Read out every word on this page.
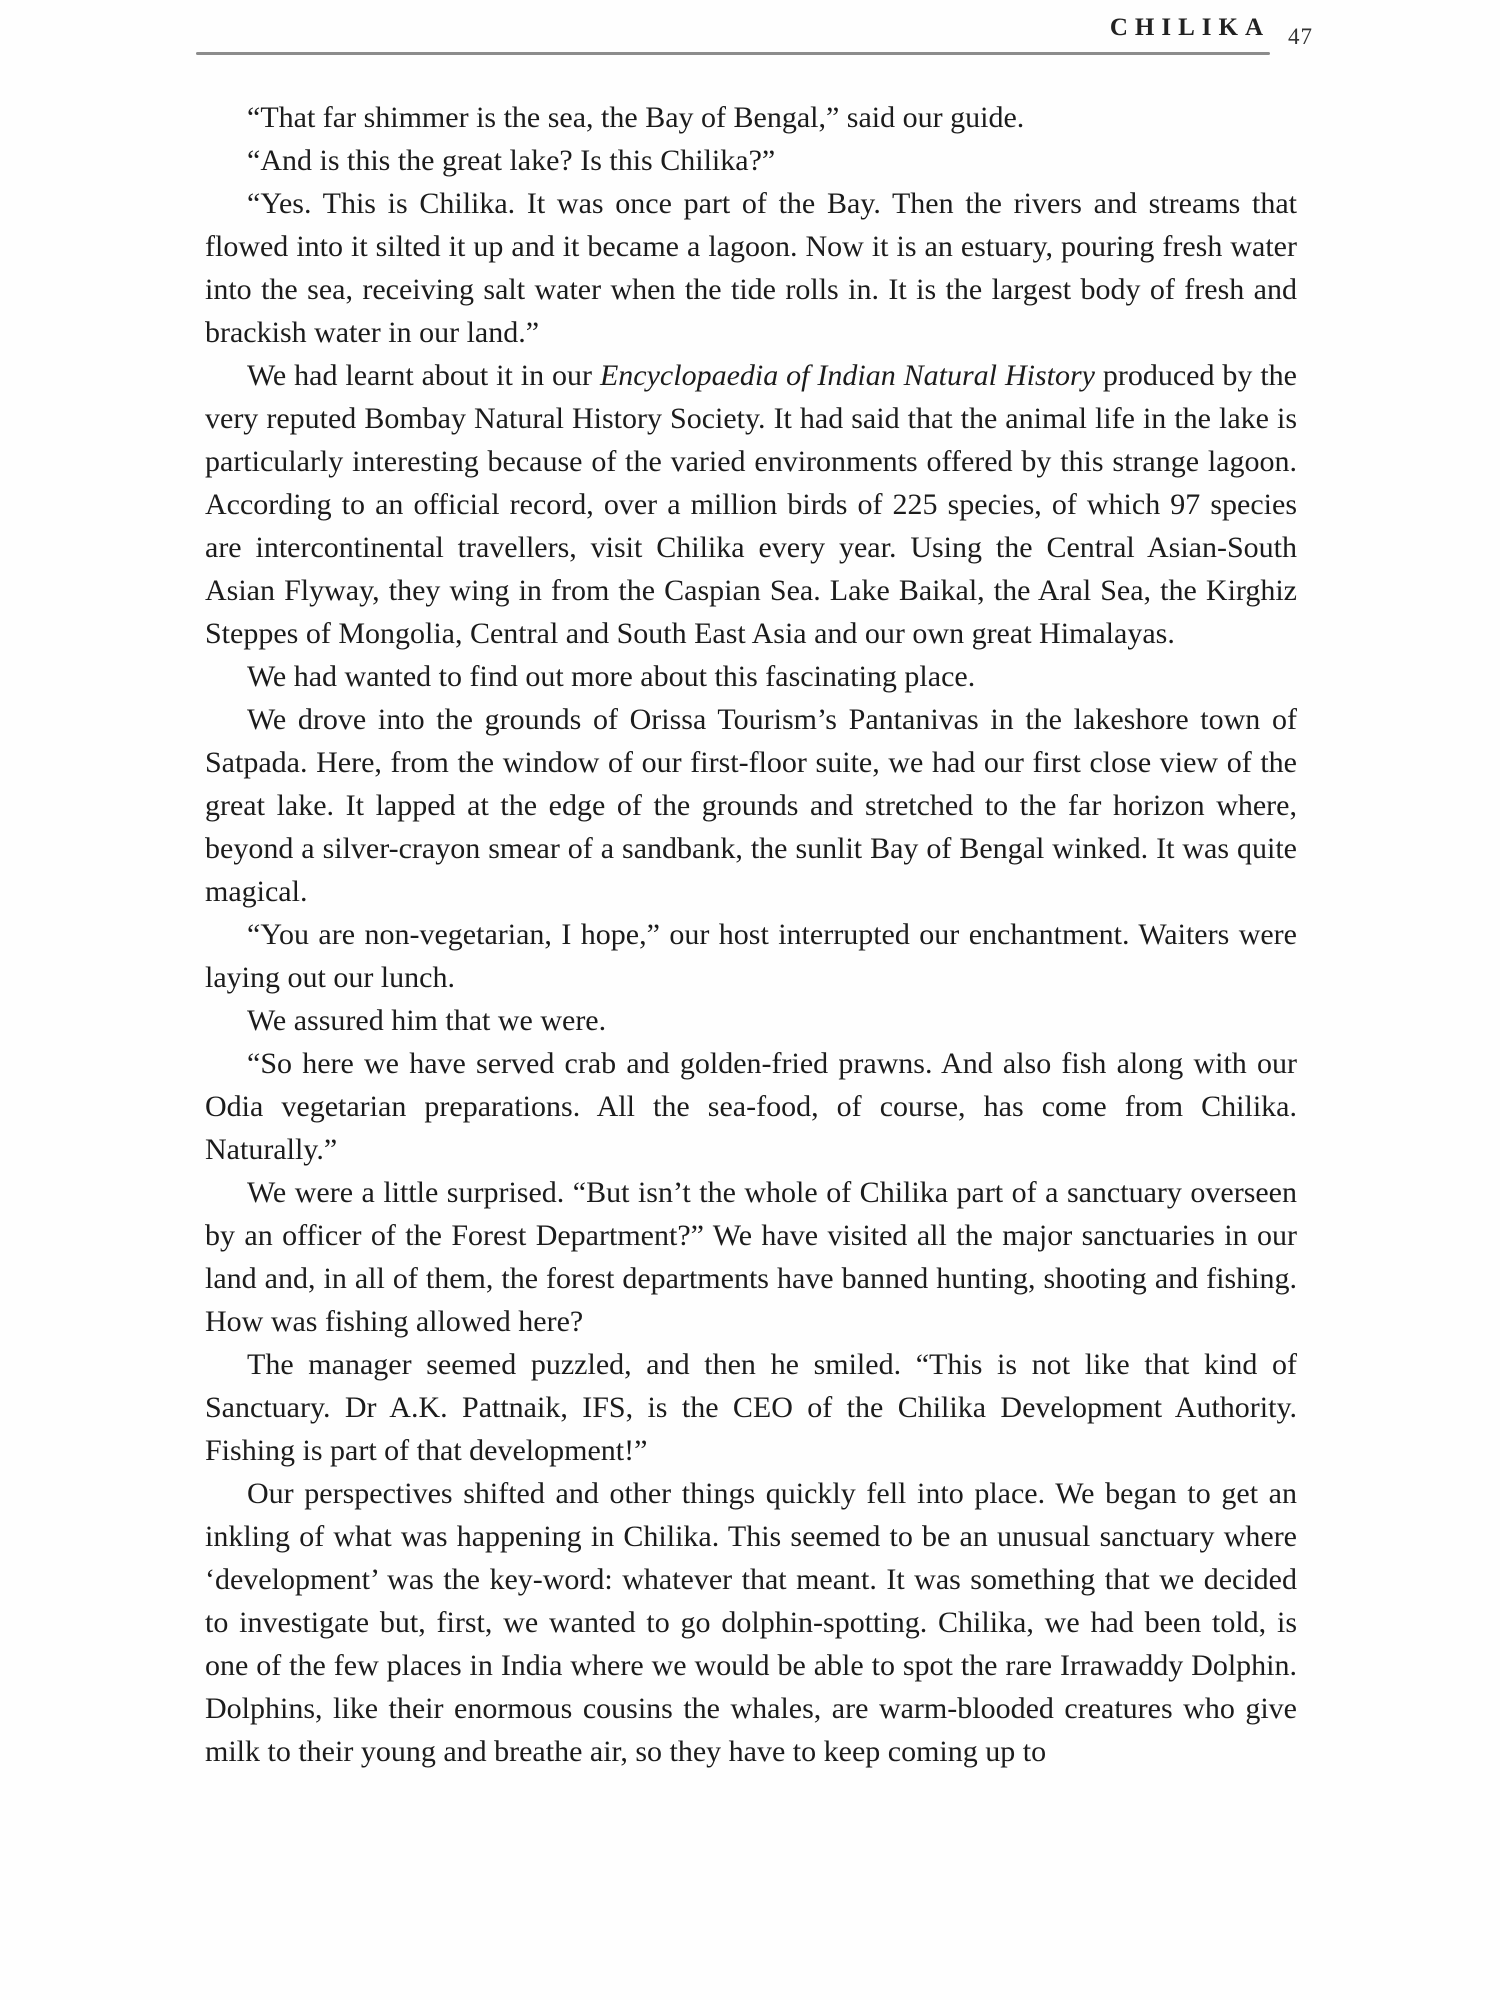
CHILIKA 47

“That far shimmer is the sea, the Bay of Bengal,” said our guide.

“And is this the great lake? Is this Chilika?”

“Yes. This is Chilika. It was once part of the Bay. Then the rivers and streams that flowed into it silted it up and it became a lagoon. Now it is an estuary, pouring fresh water into the sea, receiving salt water when the tide rolls in. It is the largest body of fresh and brackish water in our land.”

We had learnt about it in our Encyclopaedia of Indian Natural History produced by the very reputed Bombay Natural History Society. It had said that the animal life in the lake is particularly interesting because of the varied environments offered by this strange lagoon. According to an official record, over a million birds of 225 species, of which 97 species are intercontinental travellers, visit Chilika every year. Using the Central Asian-South Asian Flyway, they wing in from the Caspian Sea. Lake Baikal, the Aral Sea, the Kirghiz Steppes of Mongolia, Central and South East Asia and our own great Himalayas.

We had wanted to find out more about this fascinating place.

We drove into the grounds of Orissa Tourism’s Pantanivas in the lakeshore town of Satpada. Here, from the window of our first-floor suite, we had our first close view of the great lake. It lapped at the edge of the grounds and stretched to the far horizon where, beyond a silver-crayon smear of a sandbank, the sunlit Bay of Bengal winked. It was quite magical.

“You are non-vegetarian, I hope,” our host interrupted our enchantment. Waiters were laying out our lunch.

We assured him that we were.

“So here we have served crab and golden-fried prawns. And also fish along with our Odia vegetarian preparations. All the sea-food, of course, has come from Chilika. Naturally.”

We were a little surprised. “But isn’t the whole of Chilika part of a sanctuary overseen by an officer of the Forest Department?” We have visited all the major sanctuaries in our land and, in all of them, the forest departments have banned hunting, shooting and fishing. How was fishing allowed here?

The manager seemed puzzled, and then he smiled. “This is not like that kind of Sanctuary. Dr A.K. Pattnaik, IFS, is the CEO of the Chilika Development Authority. Fishing is part of that development!”

Our perspectives shifted and other things quickly fell into place. We began to get an inkling of what was happening in Chilika. This seemed to be an unusual sanctuary where ‘development’ was the key-word: whatever that meant. It was something that we decided to investigate but, first, we wanted to go dolphin-spotting. Chilika, we had been told, is one of the few places in India where we would be able to spot the rare Irrawaddy Dolphin. Dolphins, like their enormous cousins the whales, are warm-blooded creatures who give milk to their young and breathe air, so they have to keep coming up to
